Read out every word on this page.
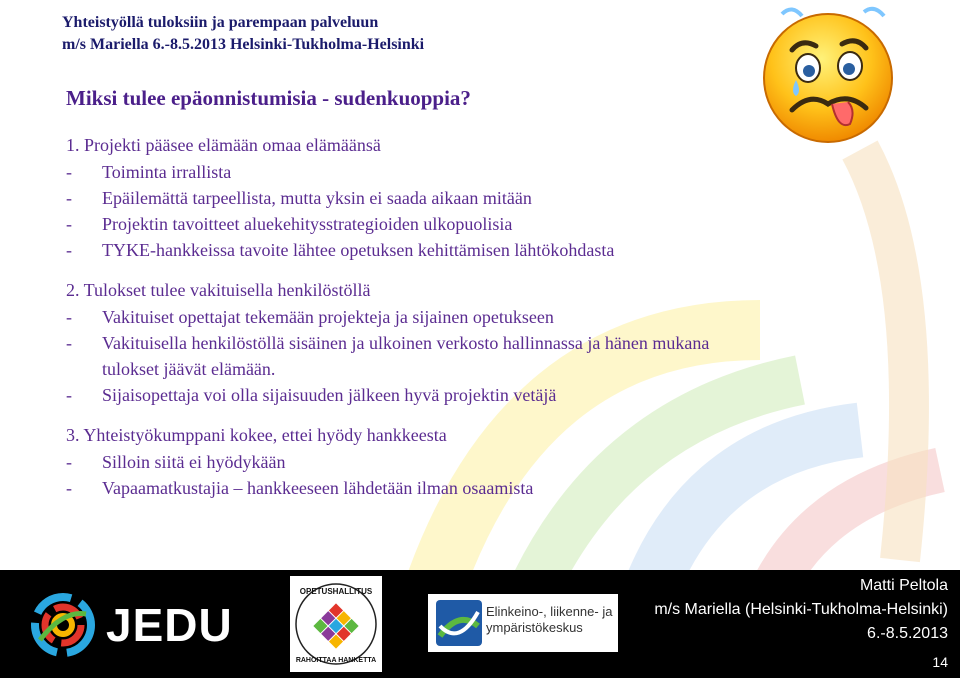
Yhteistyöllä tuloksiin ja parempaan palveluun
m/s Mariella 6.-8.5.2013 Helsinki-Tukholma-Helsinki
Miksi tulee epäonnistumisia - sudenkuoppia?
1. Projekti pääsee elämään omaa elämäänsä
-	Toiminta irrallista
-	Epäilemättä tarpeellista, mutta yksin ei saada aikaan mitään
-	Projektin tavoitteet aluekehitysstrategioiden ulkopuolisia
-	TYKE-hankkeissa tavoite lähtee opetuksen kehittämisen lähtökohdasta
2. Tulokset tulee vakituisella henkilöstöllä
-	Vakituiset opettajat tekemään projekteja ja sijainen opetukseen
-	Vakituisella henkilöstöllä sisäinen ja ulkoinen verkosto hallinnassa ja hänen mukana tulokset jäävät elämään.
-	Sijaisopettaja voi olla sijaisuuden jälkeen hyvä projektin vetäjä
3. Yhteistyökumppani kokee, ettei hyödy hankkeesta
-	Silloin siitä ei hyödykään
-	Vapaamatkustajia – hankkeeseen lähdetään ilman osaamista
JEDU
OPETUSHALLITUS
RAHOITTAA HANKETTA
Elinkeino-, liikenne- ja ympäristökeskus
Matti Peltola
m/s Mariella (Helsinki-Tukholma-Helsinki)
6.-8.5.2013
14
